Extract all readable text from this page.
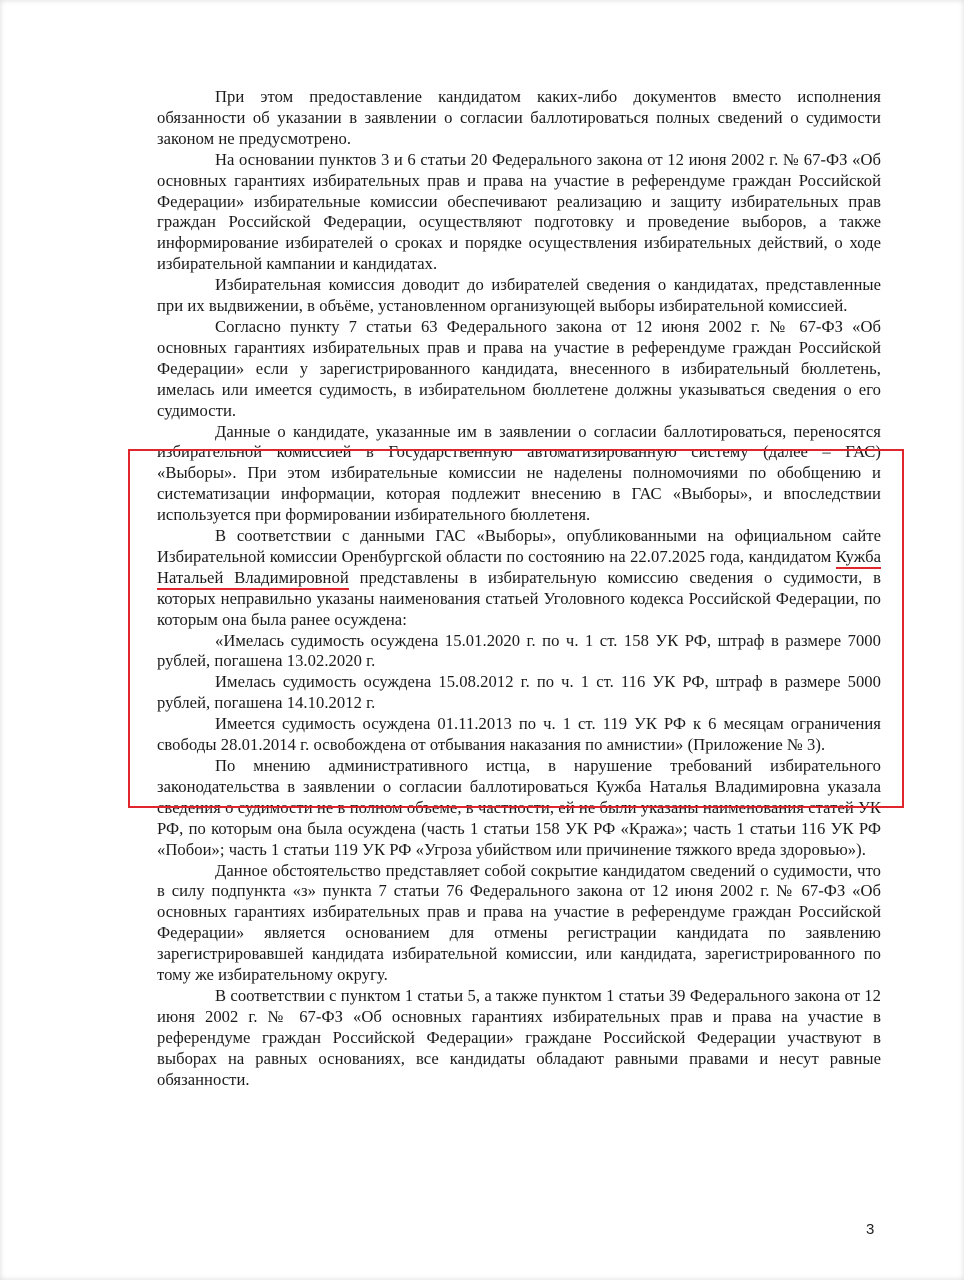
При этом предоставление кандидатом каких-либо документов вместо исполнения обязанности об указании в заявлении о согласии баллотироваться полных сведений о судимости законом не предусмотрено.

На основании пунктов 3 и 6 статьи 20 Федерального закона от 12 июня 2002 г. № 67-ФЗ «Об основных гарантиях избирательных прав и права на участие в референдуме граждан Российской Федерации» избирательные комиссии обеспечивают реализацию и защиту избирательных прав граждан Российской Федерации, осуществляют подготовку и проведение выборов, а также информирование избирателей о сроках и порядке осуществления избирательных действий, о ходе избирательной кампании и кандидатах.

Избирательная комиссия доводит до избирателей сведения о кандидатах, представленные при их выдвижении, в объёме, установленном организующей выборы избирательной комиссией.

Согласно пункту 7 статьи 63 Федерального закона от 12 июня 2002 г. № 67-ФЗ «Об основных гарантиях избирательных прав и права на участие в референдуме граждан Российской Федерации» если у зарегистрированного кандидата, внесенного в избирательный бюллетень, имелась или имеется судимость, в избирательном бюллетене должны указываться сведения о его судимости.

Данные о кандидате, указанные им в заявлении о согласии баллотироваться, переносятся избирательной комиссией в Государственную автоматизированную систему (далее – ГАС) «Выборы». При этом избирательные комиссии не наделены полномочиями по обобщению и систематизации информации, которая подлежит внесению в ГАС «Выборы», и впоследствии используется при формировании избирательного бюллетеня.

В соответствии с данными ГАС «Выборы», опубликованными на официальном сайте Избирательной комиссии Оренбургской области по состоянию на 22.07.2025 года, кандидатом Кужба Натальей Владимировной представлены в избирательную комиссию сведения о судимости, в которых неправильно указаны наименования статьей Уголовного кодекса Российской Федерации, по которым она была ранее осуждена:

«Имелась судимость осуждена 15.01.2020 г. по ч. 1 ст. 158 УК РФ, штраф в размере 7000 рублей, погашена 13.02.2020 г.

Имелась судимость осуждена 15.08.2012 г. по ч. 1 ст. 116 УК РФ, штраф в размере 5000 рублей, погашена 14.10.2012 г.

Имеется судимость осуждена 01.11.2013 по ч. 1 ст. 119 УК РФ к 6 месяцам ограничения свободы 28.01.2014 г. освобождена от отбывания наказания по амнистии» (Приложение № 3).

По мнению административного истца, в нарушение требований избирательного законодательства в заявлении о согласии баллотироваться Кужба Наталья Владимировна указала сведения о судимости не в полном объеме, в частности, ей не были указаны наименования статей УК РФ, по которым она была осуждена (часть 1 статьи 158 УК РФ «Кража»; часть 1 статьи 116 УК РФ «Побои»; часть 1 статьи 119 УК РФ «Угроза убийством или причинение тяжкого вреда здоровью»).

Данное обстоятельство представляет собой сокрытие кандидатом сведений о судимости, что в силу подпункта «з» пункта 7 статьи 76 Федерального закона от 12 июня 2002 г. № 67-ФЗ «Об основных гарантиях избирательных прав и права на участие в референдуме граждан Российской Федерации» является основанием для отмены регистрации кандидата по заявлению зарегистрировавшей кандидата избирательной комиссии, или кандидата, зарегистрированного по тому же избирательному округу.

В соответствии с пунктом 1 статьи 5, а также пунктом 1 статьи 39 Федерального закона от 12 июня 2002 г. № 67-ФЗ «Об основных гарантиях избирательных прав и права на участие в референдуме граждан Российской Федерации» граждане Российской Федерации участвуют в выборах на равных основаниях, все кандидаты обладают равными правами и несут равные обязанности.

3
